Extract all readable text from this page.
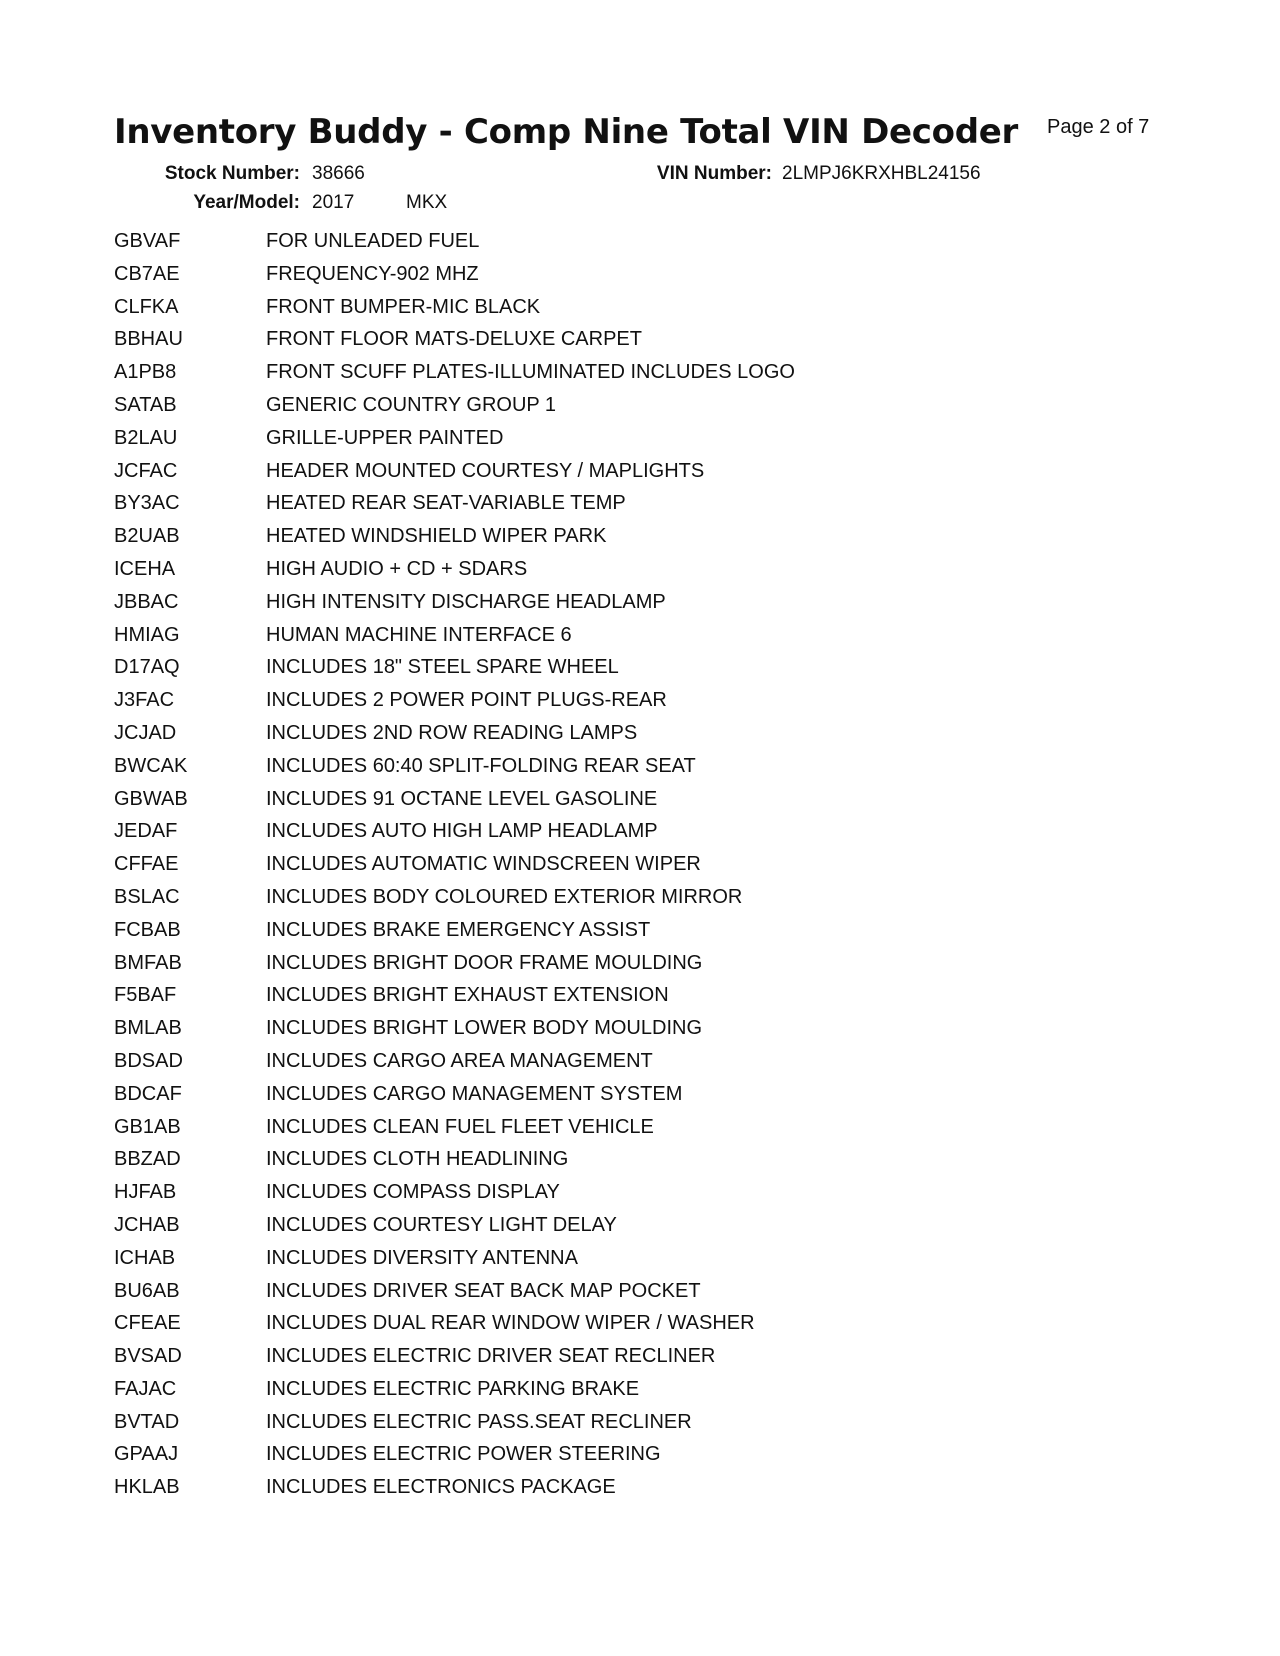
Inventory Buddy - Comp Nine Total VIN Decoder Page 2 of 7
Stock Number: 38666	VIN Number: 2LMPJ6KRXHBL24156
Year/Model: 2017	MKX
GBVAF	FOR UNLEADED FUEL
CB7AE	FREQUENCY-902 MHZ
CLFKA	FRONT BUMPER-MIC BLACK
BBHAU	FRONT FLOOR MATS-DELUXE CARPET
A1PB8	FRONT SCUFF PLATES-ILLUMINATED INCLUDES LOGO
SATAB	GENERIC COUNTRY GROUP 1
B2LAU	GRILLE-UPPER PAINTED
JCFAC	HEADER MOUNTED COURTESY / MAPLIGHTS
BY3AC	HEATED REAR SEAT-VARIABLE TEMP
B2UAB	HEATED WINDSHIELD WIPER PARK
ICEHA	HIGH AUDIO + CD + SDARS
JBBAC	HIGH INTENSITY DISCHARGE HEADLAMP
HMIAG	HUMAN MACHINE INTERFACE 6
D17AQ	INCLUDES 18" STEEL SPARE WHEEL
J3FAC	INCLUDES 2 POWER POINT PLUGS-REAR
JCJAD	INCLUDES 2ND ROW READING LAMPS
BWCAK	INCLUDES 60:40 SPLIT-FOLDING REAR SEAT
GBWAB	INCLUDES 91 OCTANE LEVEL GASOLINE
JEDAF	INCLUDES AUTO HIGH LAMP HEADLAMP
CFFAE	INCLUDES AUTOMATIC WINDSCREEN WIPER
BSLAC	INCLUDES BODY COLOURED EXTERIOR MIRROR
FCBAB	INCLUDES BRAKE EMERGENCY ASSIST
BMFAB	INCLUDES BRIGHT DOOR FRAME MOULDING
F5BAF	INCLUDES BRIGHT EXHAUST EXTENSION
BMLAB	INCLUDES BRIGHT LOWER BODY MOULDING
BDSAD	INCLUDES CARGO AREA MANAGEMENT
BDCAF	INCLUDES CARGO MANAGEMENT SYSTEM
GB1AB	INCLUDES CLEAN FUEL FLEET VEHICLE
BBZAD	INCLUDES CLOTH HEADLINING
HJFAB	INCLUDES COMPASS DISPLAY
JCHAB	INCLUDES COURTESY LIGHT DELAY
ICHAB	INCLUDES DIVERSITY ANTENNA
BU6AB	INCLUDES DRIVER SEAT BACK MAP POCKET
CFEAE	INCLUDES DUAL REAR WINDOW WIPER / WASHER
BVSAD	INCLUDES ELECTRIC DRIVER SEAT RECLINER
FAJAC	INCLUDES ELECTRIC PARKING BRAKE
BVTAD	INCLUDES ELECTRIC PASS.SEAT RECLINER
GPAAJ	INCLUDES ELECTRIC POWER STEERING
HKLAB	INCLUDES ELECTRONICS PACKAGE
